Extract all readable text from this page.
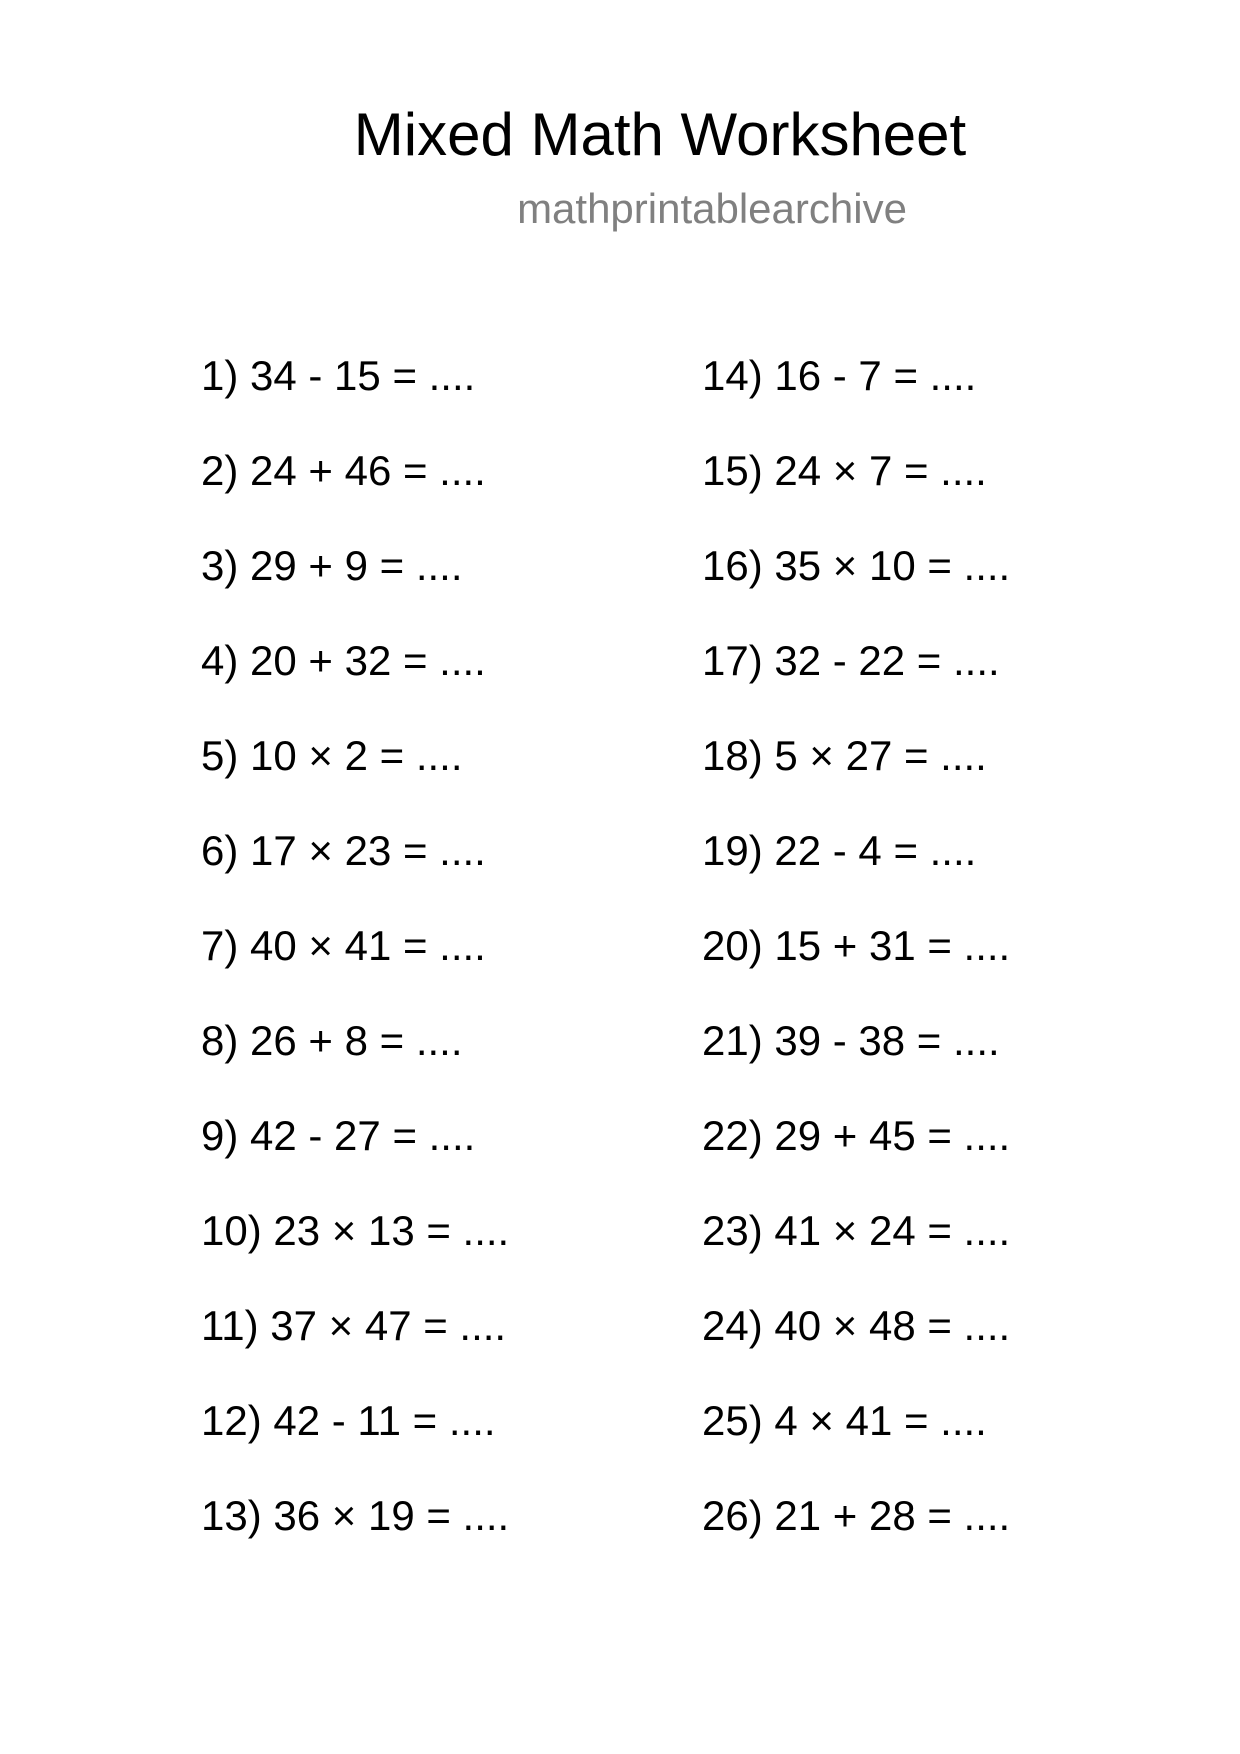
Mixed Math Worksheet
mathprintablearchive
1) 34 - 15 = ....
2) 24 + 46 = ....
3) 29 + 9 = ....
4) 20 + 32 = ....
5) 10 × 2 = ....
6) 17 × 23 = ....
7) 40 × 41 = ....
8) 26 + 8 = ....
9) 42 - 27 = ....
10) 23 × 13 = ....
11) 37 × 47 = ....
12) 42 - 11 = ....
13) 36 × 19 = ....
14) 16 - 7 = ....
15) 24 × 7 = ....
16) 35 × 10 = ....
17) 32 - 22 = ....
18) 5 × 27 = ....
19) 22 - 4 = ....
20) 15 + 31 = ....
21) 39 - 38 = ....
22) 29 + 45 = ....
23) 41 × 24 = ....
24) 40 × 48 = ....
25) 4 × 41 = ....
26) 21 + 28 = ....
